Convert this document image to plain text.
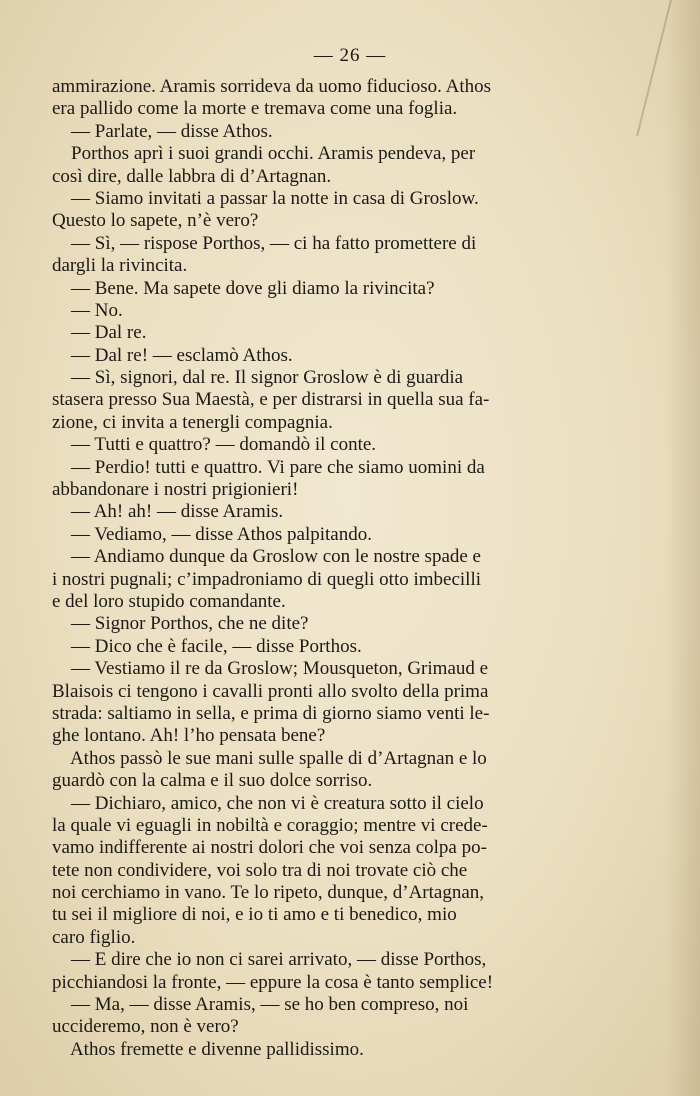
— 26 —
ammirazione. Aramis sorrideva da uomo fiducioso. Athos
era pallido come la morte e tremava come una foglia.
— Parlate, — disse Athos.
Porthos aprì i suoi grandi occhi. Aramis pendeva, per
così dire, dalle labbra di d’Artagnan.
— Siamo invitati a passar la notte in casa di Groslow.
Questo lo sapete, n’è vero?
— Sì, — rispose Porthos, — ci ha fatto promettere di
dargli la rivincita.
— Bene. Ma sapete dove gli diamo la rivincita?
— No.
— Dal re.
— Dal re! — esclamò Athos.
— Sì, signori, dal re. Il signor Groslow è di guardia
stasera presso Sua Maestà, e per distrarsi in quella sua fa-
zione, ci invita a tenergli compagnia.
— Tutti e quattro? — domandò il conte.
— Perdio! tutti e quattro. Vi pare che siamo uomini da
abbandonare i nostri prigionieri!
— Ah! ah! — disse Aramis.
— Vediamo, — disse Athos palpitando.
— Andiamo dunque da Groslow con le nostre spade e
i nostri pugnali; c’impadroniamo di quegli otto imbecilli
e del loro stupido comandante.
— Signor Porthos, che ne dite?
— Dico che è facile, — disse Porthos.
— Vestiamo il re da Groslow; Mousqueton, Grimaud e
Blaisois ci tengono i cavalli pronti allo svolto della prima
strada: saltiamo in sella, e prima di giorno siamo venti le-
ghe lontano. Ah! l’ho pensata bene?
Athos passò le sue mani sulle spalle di d’Artagnan e lo
guardò con la calma e il suo dolce sorriso.
— Dichiaro, amico, che non vi è creatura sotto il cielo
la quale vi eguagli in nobiltà e coraggio; mentre vi crede-
vamo indifferente ai nostri dolori che voi senza colpa po-
tete non condividere, voi solo tra di noi trovate ciò che
noi cerchiamo in vano. Te lo ripeto, dunque, d’Artagnan,
tu sei il migliore di noi, e io ti amo e ti benedico, mio
caro figlio.
— E dire che io non ci sarei arrivato, — disse Porthos,
picchiandosi la fronte, — eppure la cosa è tanto semplice!
— Ma, — disse Aramis, — se ho ben compreso, noi
uccideremo, non è vero?
Athos fremette e divenne pallidissimo.
